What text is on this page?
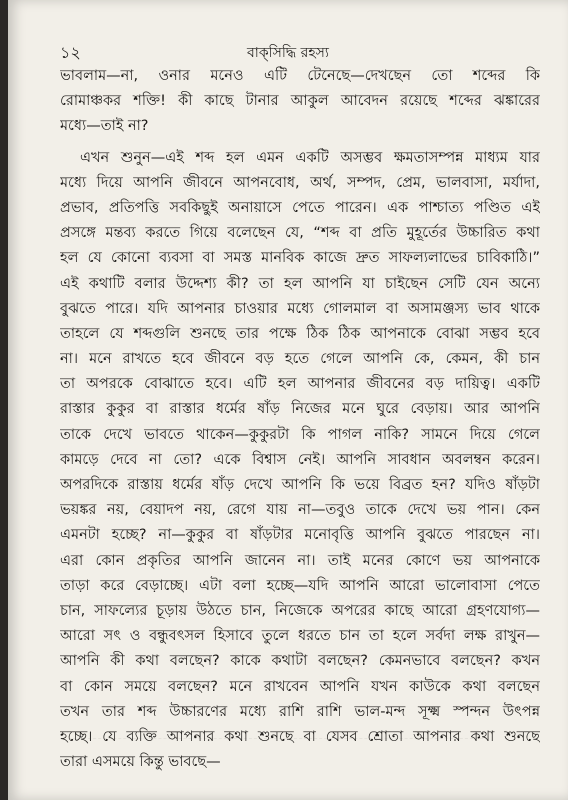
১২	বাক্‌সিদ্ধি রহস্য
ভাবলাম—না, ওনার মনেও এটি টেনেছে—দেখছেন তো শব্দের কি
রোমাঞ্চকর শক্তি! কী কাছে টানার আকুল আবেদন রয়েছে শব্দের ঝঙ্কারের
মধ্যে—তাই না?
এখন শুনুন—এই শব্দ হল এমন একটি অসম্ভব ক্ষমতাসম্পন্ন মাধ্যম যার
মধ্যে দিয়ে আপনি জীবনে আপনবোধ, অর্থ, সম্পদ, প্রেম, ভালবাসা, মর্যাদা,
প্রভাব, প্রতিপত্তি সবকিছুই অনায়াসে পেতে পারেন। এক পাশ্চাত্য পণ্ডিত এই
প্রসঙ্গে মন্তব্য করতে গিয়ে বলেছেন যে, “শব্দ বা প্রতি মুহূর্তের উচ্চারিত কথা
হল যে কোনো ব্যবসা বা সমস্ত মানবিক কাজে দ্রুত সাফল্যলাভের চাবিকাঠি।”
এই কথাটি বলার উদ্দেশ্য কী? তা হল আপনি যা চাইছেন সেটি যেন অন্যে
বুঝতে পারে। যদি আপনার চাওয়ার মধ্যে গোলমাল বা অসামঞ্জস্য ভাব থাকে
তাহলে যে শব্দগুলি শুনছে তার পক্ষে ঠিক ঠিক আপনাকে বোঝা সম্ভব হবে
না। মনে রাখতে হবে জীবনে বড় হতে গেলে আপনি কে, কেমন, কী চান
তা অপরকে বোঝাতে হবে। এটি হল আপনার জীবনের বড় দায়িত্ব। একটি
রাস্তার কুকুর বা রাস্তার ধর্মের ষাঁড় নিজের মনে ঘুরে বেড়ায়। আর আপনি
তাকে দেখে ভাবতে থাকেন—কুকুরটা কি পাগল নাকি? সামনে দিয়ে গেলে
কামড়ে দেবে না তো? একে বিশ্বাস নেই। আপনি সাবধান অবলম্বন করেন।
অপরদিকে রাস্তায় ধর্মের ষাঁড় দেখে আপনি কি ভয়ে বিব্রত হন? যদিও ষাঁড়টা
ভয়ঙ্কর নয়, বেয়াদপ নয়, রেগে যায় না—তবুও তাকে দেখে ভয় পান। কেন
এমনটা হচ্ছে? না—কুকুর বা ষাঁড়টার মনোবৃত্তি আপনি বুঝতে পারছেন না।
এরা কোন প্রকৃতির আপনি জানেন না। তাই মনের কোণে ভয় আপনাকে
তাড়া করে বেড়াচ্ছে। এটা বলা হচ্ছে—যদি আপনি আরো ভালোবাসা পেতে
চান, সাফল্যের চূড়ায় উঠতে চান, নিজেকে অপরের কাছে আরো গ্রহণযোগ্য—
আরো সৎ ও বন্ধুবৎসল হিসাবে তুলে ধরতে চান তা হলে সর্বদা লক্ষ রাখুন—
আপনি কী কথা বলছেন? কাকে কথাটা বলছেন? কেমনভাবে বলছেন? কখন
বা কোন সময়ে বলছেন? মনে রাখবেন আপনি যখন কাউকে কথা বলছেন
তখন তার শব্দ উচ্চারণের মধ্যে রাশি রাশি ভাল-মন্দ সূক্ষ্ম স্পন্দন উৎপন্ন
হচ্ছে। যে ব্যক্তি আপনার কথা শুনছে বা যেসব শ্রোতা আপনার কথা শুনছে
তারা এসময়ে কিন্তু ভাবছে—
